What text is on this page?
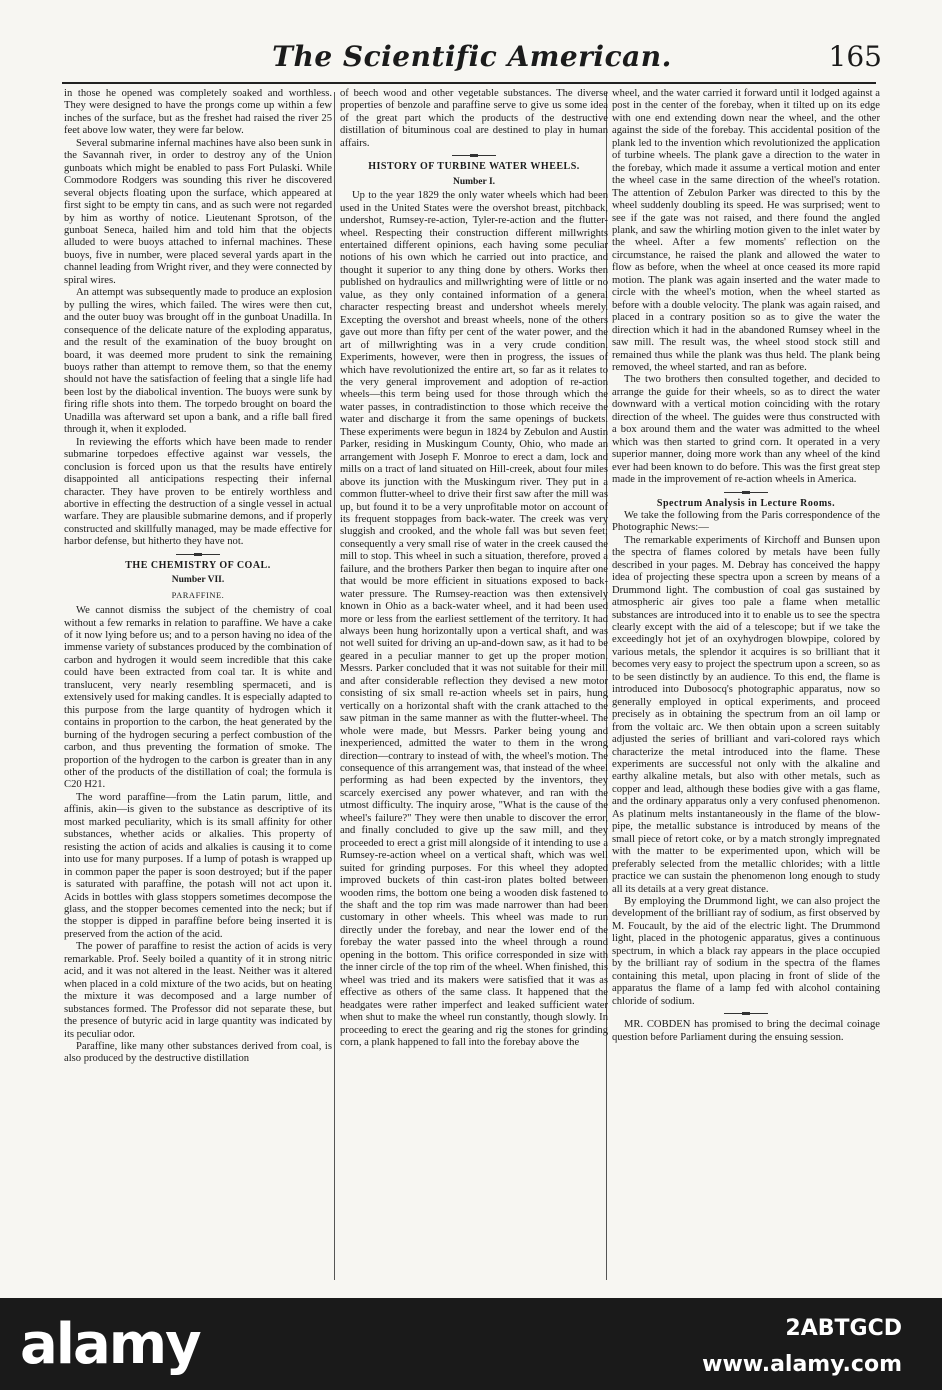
The Scientific American.	165

in those he opened was completely soaked and worthless. They were designed to have the prongs come up within a few inches of the surface, but as the freshet had raised the river 25 feet above low water, they were far below.

Several submarine infernal machines have also been sunk in the Savannah river, in order to destroy any of the Union gunboats which might be enabled to pass Fort Pulaski. While Commodore Rodgers was sounding this river he discovered several objects floating upon the surface, which appeared at first sight to be empty tin cans, and as such were not regarded by him as worthy of notice. Lieutenant Sprotson, of the gunboat Seneca, hailed him and told him that the objects alluded to were buoys attached to infernal machines. These buoys, five in number, were placed several yards apart in the channel leading from Wright river, and they were connected by spiral wires.

An attempt was subsequently made to produce an explosion by pulling the wires, which failed. The wires were then cut, and the outer buoy was brought off in the gunboat Unadilla. In consequence of the delicate nature of the exploding apparatus, and the result of the examination of the buoy brought on board, it was deemed more prudent to sink the remaining buoys rather than attempt to remove them, so that the enemy should not have the satisfaction of feeling that a single life had been lost by the diabolical invention. The buoys were sunk by firing rifle shots into them. The torpedo brought on board the Unadilla was afterward set upon a bank, and a rifle ball fired through it, when it exploded.

In reviewing the efforts which have been made to render submarine torpedoes effective against war vessels, the conclusion is forced upon us that the results have entirely disappointed all anticipations respecting their infernal character. They have proven to be entirely worthless and abortive in effecting the destruction of a single vessel in actual warfare. They are plausible submarine demons, and if properly constructed and skillfully managed, may be made effective for harbor defense, but hitherto they have not.

THE CHEMISTRY OF COAL.

Number VII.
PARAFFINE.

We cannot dismiss the subject of the chemistry of coal without a few remarks in relation to paraffine. We have a cake of it now lying before us; and to a person having no idea of the immense variety of substances produced by the combination of carbon and hydrogen it would seem incredible that this cake could have been extracted from coal tar. It is white and translucent, very nearly resembling spermaceti, and is extensively used for making candles. It is especially adapted to this purpose from the large quantity of hydrogen which it contains in proportion to the carbon, the heat generated by the burning of the hydrogen securing a perfect combustion of the carbon, and thus preventing the formation of smoke. The proportion of the hydrogen to the carbon is greater than in any other of the products of the distillation of coal; the formula is C20 H21.

The word paraffine—from the Latin parum, little, and affinis, akin—is given to the substance as descriptive of its most marked peculiarity, which is its small affinity for other substances, whether acids or alkalies. This property of resisting the action of acids and alkalies is causing it to come into use for many purposes. If a lump of potash is wrapped up in common paper the paper is soon destroyed; but if the paper is saturated with paraffine, the potash will not act upon it. Acids in bottles with glass stoppers sometimes decompose the glass, and the stopper becomes cemented into the neck; but if the stopper is dipped in paraffine before being inserted it is preserved from the action of the acid.

The power of paraffine to resist the action of acids is very remarkable. Prof. Seely boiled a quantity of it in strong nitric acid, and it was not altered in the least. Neither was it altered when placed in a cold mixture of the two acids, but on heating the mixture it was decomposed and a large number of substances formed. The Professor did not separate these, but the presence of butyric acid in large quantity was indicated by its peculiar odor.

Paraffine, like many other substances derived from coal, is also produced by the destructive distillation

of beech wood and other vegetable substances. The diverse properties of benzole and paraffine serve to give us some idea of the great part which the products of the destructive distillation of bituminous coal are destined to play in human affairs.

HISTORY OF TURBINE WATER WHEELS.

Number I.

Up to the year 1829 the only water wheels which had been used in the United States were the overshot breast, pitchback, undershot, Rumsey-re-action, Tyler-re-action and the flutter-wheel. Respecting their construction different millwrights entertained different opinions, each having some peculiar notions of his own which he carried out into practice, and thought it superior to any thing done by others. Works then published on hydraulics and millwrighting were of little or no value, as they only contained information of a general character respecting breast and undershot wheels merely. Excepting the overshot and breast wheels, none of the others gave out more than fifty per cent of the water power, and the art of millwrighting was in a very crude condition. Experiments, however, were then in progress, the issues of which have revolutionized the entire art, so far as it relates to the very general improvement and adoption of re-action wheels—this term being used for those through which the water passes, in contradistinction to those which receive the water and discharge it from the same openings of buckets. These experiments were begun in 1824 by Zebulon and Austin Parker, residing in Muskingum County, Ohio, who made an arrangement with Joseph F. Monroe to erect a dam, lock and mills on a tract of land situated on Hill-creek, about four miles above its junction with the Muskingum river. They put in a common flutter-wheel to drive their first saw after the mill was up, but found it to be a very unprofitable motor on account of its frequent stoppages from back-water. The creek was very sluggish and crooked, and the whole fall was but seven feet; consequently a very small rise of water in the creek caused the mill to stop. This wheel in such a situation, therefore, proved a failure, and the brothers Parker then began to inquire after one that would be more efficient in situations exposed to back-water pressure. The Rumsey-reaction was then extensively known in Ohio as a back-water wheel, and it had been used more or less from the earliest settlement of the territory. It had always been hung horizontally upon a vertical shaft, and was not well suited for driving an up-and-down saw, as it had to be geared in a peculiar manner to get up the proper motion. Messrs. Parker concluded that it was not suitable for their mill and after considerable reflection they devised a new motor consisting of six small re-action wheels set in pairs, hung vertically on a horizontal shaft with the crank attached to the saw pitman in the same manner as with the flutter-wheel. The whole were made, but Messrs. Parker being young and inexperienced, admitted the water to them in the wrong direction—contrary to instead of with, the wheel's motion. The consequence of this arrangement was, that instead of the wheel performing as had been expected by the inventors, they scarcely exercised any power whatever, and ran with the utmost difficulty. The inquiry arose, "What is the cause of the wheel's failure?" They were then unable to discover the error, and finally concluded to give up the saw mill, and they proceeded to erect a grist mill alongside of it intending to use a Rumsey-re-action wheel on a vertical shaft, which was well suited for grinding purposes. For this wheel they adopted improved buckets of thin cast-iron plates bolted between wooden rims, the bottom one being a wooden disk fastened to the shaft and the top rim was made narrower than had been customary in other wheels. This wheel was made to run directly under the forebay, and near the lower end of the forebay the water passed into the wheel through a round opening in the bottom. This orifice corresponded in size with the inner circle of the top rim of the wheel. When finished, this wheel was tried and its makers were satisfied that it was as effective as others of the same class. It happened that the headgates were rather imperfect and leaked sufficient water when shut to make the wheel run constantly, though slowly. In proceeding to erect the gearing and rig the stones for grinding corn, a plank happened to fall into the forebay above the

wheel, and the water carried it forward until it lodged against a post in the center of the forebay, when it tilted up on its edge with one end extending down near the wheel, and the other against the side of the forebay. This accidental position of the plank led to the invention which revolutionized the application of turbine wheels. The plank gave a direction to the water in the forebay, which made it assume a vertical motion and enter the wheel case in the same direction of the wheel's rotation. The attention of Zebulon Parker was directed to this by the wheel suddenly doubling its speed. He was surprised; went to see if the gate was not raised, and there found the angled plank, and saw the whirling motion given to the inlet water by the wheel. After a few moments' reflection on the circumstance, he raised the plank and allowed the water to flow as before, when the wheel at once ceased its more rapid motion. The plank was again inserted and the water made to circle with the wheel's motion, when the wheel started as before with a double velocity. The plank was again raised, and placed in a contrary position so as to give the water the direction which it had in the abandoned Rumsey wheel in the saw mill. The result was, the wheel stood stock still and remained thus while the plank was thus held. The plank being removed, the wheel started, and ran as before.

The two brothers then consulted together, and decided to arrange the guide for their wheels, so as to direct the water downward with a vertical motion coinciding with the rotary direction of the wheel. The guides were thus constructed with a box around them and the water was admitted to the wheel which was then started to grind corn. It operated in a very superior manner, doing more work than any wheel of the kind ever had been known to do before. This was the first great step made in the improvement of re-action wheels in America.

Spectrum Analysis in Lecture Rooms.

We take the following from the Paris correspondence of the Photographic News:—

The remarkable experiments of Kirchoff and Bunsen upon the spectra of flames colored by metals have been fully described in your pages. M. Debray has conceived the happy idea of projecting these spectra upon a screen by means of a Drummond light. The combustion of coal gas sustained by atmospheric air gives too pale a flame when metallic substances are introduced into it to enable us to see the spectra clearly except with the aid of a telescope; but if we take the exceedingly hot jet of an oxyhydrogen blowpipe, colored by various metals, the splendor it acquires is so brilliant that it becomes very easy to project the spectrum upon a screen, so as to be seen distinctly by an audience. To this end, the flame is introduced into Dubosocq's photographic apparatus, now so generally employed in optical experiments, and proceed precisely as in obtaining the spectrum from an oil lamp or from the voltaic arc. We then obtain upon a screen suitably adjusted the series of brilliant and vari-colored rays which characterize the metal introduced into the flame. These experiments are successful not only with the alkaline and earthy alkaline metals, but also with other metals, such as copper and lead, although these bodies give with a gas flame, and the ordinary apparatus only a very confused phenomenon. As platinum melts instantaneously in the flame of the blow-pipe, the metallic substance is introduced by means of the small piece of retort coke, or by a match strongly impregnated with the matter to be experimented upon, which will be preferably selected from the metallic chlorides; with a little practice we can sustain the phenomenon long enough to study all its details at a very great distance.

By employing the Drummond light, we can also project the development of the brilliant ray of sodium, as first observed by M. Foucault, by the aid of the electric light. The Drummond light, placed in the photogenic apparatus, gives a continuous spectrum, in which a black ray appears in the place occupied by the brilliant ray of sodium in the spectra of the flames containing this metal, upon placing in front of slide of the apparatus the flame of a lamp fed with alcohol containing chloride of sodium.

MR. COBDEN has promised to bring the decimal coinage question before Parliament during the ensuing session.

alamy	2ABTGCD
www.alamy.com
